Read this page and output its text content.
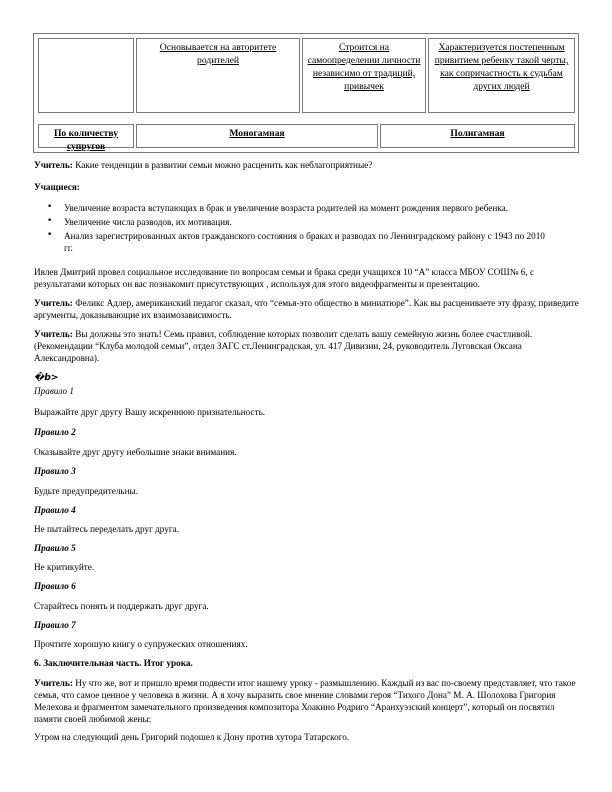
Основывается на авторитете родителей
Строится на самоопределении личности независимо от традиций, привычек
Характеризуется постепенным привитием ребенку такой черты, как сопричастность к судьбам других людей
По количеству супругов
Моногамная	Полигамная

Учитель: Какие тенденции в развитии семьи можно расценить как неблагоприятные?

Учащиеся:

• Увеличение возраста вступающих в брак и увеличение возраста родителей на момент рождения первого ребенка.
• Увеличение числа разводов, их мотивация.
• Анализ зарегистрированных актов гражданского состояния о браках и разводах по Ленинградскому району с 1943 по 2010 гг.

Ивлев Дмитрий провел социальное исследование по вопросам семьи и брака среди учащихся 10 “А” класса МБОУ СОШ№ 6, с результатами которых он вас познакомит присутствующих , используя для этого видеофрагменты и презентацию.

Учитель: Феликс Адлер, американский педагог сказал, что “семья-это общество в миниатюре”. Как вы расцениваете эту фразу, приведите аргументы, доказывающие их взаимозависимость.

Учитель: Вы должны это знать! Семь правил, соблюдение которых позволит сделать вашу семейную жизнь более счастливой. (Рекомендации “Клуба молодой семьи”, отдел ЗАГС ст.Ленинградская, ул. 417 Дивизии, 24, руководитель Луговская Оксана Александровна).

�b>

Правило 1

Выражайте друг другу Вашу искреннюю признательность.

Правило 2

Оказывайте друг другу небольшие знаки внимания.

Правило 3

Будьте предупредительны.

Правило 4

Не пытайтесь переделать друг друга.

Правило 5

Не критикуйте.

Правило 6

Старайтесь понять и поддержать друг друга.

Правило 7

Прочтите хорошую книгу о супружеских отношениях.

6. Заключительная часть. Итог урока.

Учитель: Ну что же, вот и пришло время подвести итог нашему уроку - размышлению. Каждый из вас по-своему представляет, что такое семья, что самое ценное у человека в жизни. А я хочу выразить свое мнение словами героя “Тихого Дона” М. А. Шолохова Григория Мелехова и фрагментом замечательного произведения композитора Хоакино Родриго “Аранхуэзский концерт”, который он посвятил памяти своей любимой жены:

Утром на следующий день Григорий подошел к Дону против хутора Татарского.
